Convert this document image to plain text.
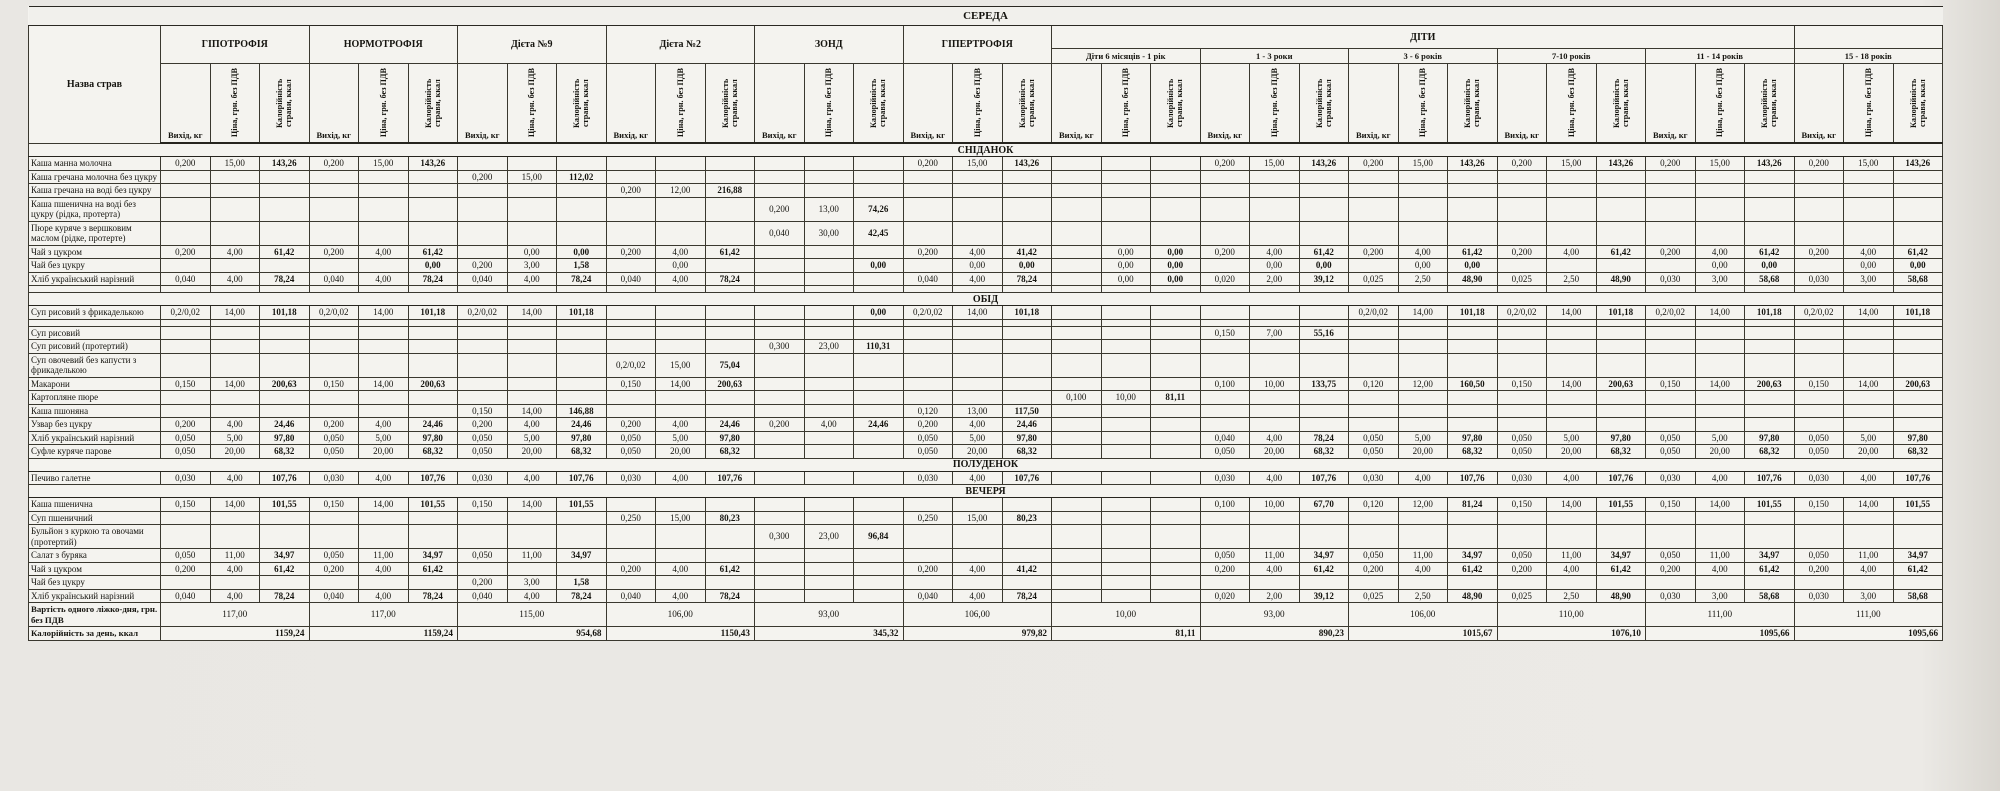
СЕРЕДА																																				
Назва страв	ГІПОТРОФІЯ			НОРМОТРОФІЯ			Дієта №9			Дієта №2			ЗОНД			ГІПЕРТРОФІЯ			ДІТИ																	
																			Діти 6 місяців - 1 рік			1 - 3 роки			3 - 6 років			7-10 років			11 - 14 років			15 - 18 років		
	Вихід, кг	Ціна, грн. без ПДВ	Калорійність страви, ккал	Вихід, кг	Ціна, грн. без ПДВ	Калорійність страви, ккал	Вихід, кг	Ціна, грн. без ПДВ	Калорійність страви, ккал	Вихід, кг	Ціна, грн. без ПДВ	Калорійність страви, ккал	Вихід, кг	Ціна, грн. без ПДВ	Калорійність страви, ккал	Вихід, кг	Ціна, грн. без ПДВ	Калорійність страви, ккал	Вихід, кг	Ціна, грн. без ПДВ	Калорійність страви, ккал	Вихід, кг	Ціна, грн. без ПДВ	Калорійність страви, ккал	Вихід, кг	Ціна, грн. без ПДВ	Калорійність страви, ккал	Вихід, кг	Ціна, грн. без ПДВ	Калорійність страви, ккал	Вихід, кг	Ціна, грн. без ПДВ	Калорійність страви, ккал	Вихід, кг	Ціна, грн. без ПДВ	Калорійність страви, ккал

СНІДАНОК																																				
Каша манна молочна	0,200	15,00	143,26	0,200	15,00	143,26										0,200	15,00	143,26				0,200	15,00	143,26	0,200	15,00	143,26	0,200	15,00	143,26	0,200	15,00	143,26	0,200	15,00	143,26
Каша гречана молочна без цукру							0,200	15,00	112,02																											
Каша гречана на воді без цукру										0,200	12,00	216,88																								
Каша пшенична на воді без цукру (рідка, протерта)													0,200	13,00	74,26																					
Пюре куряче з вершковим маслом (рідке, протерте)													0,040	30,00	42,45																					
Чай з цукром	0,200	4,00	61,42	0,200	4,00	61,42		0,00	0,00	0,200	4,00	61,42				0,200	4,00	41,42		0,00	0,00	0,200	4,00	61,42	0,200	4,00	61,42	0,200	4,00	61,42	0,200	4,00	61,42	0,200	4,00	61,42
Чай без цукру						0,00	0,200	3,00	1,58		0,00				0,00		0,00	0,00		0,00	0,00		0,00	0,00		0,00	0,00					0,00	0,00		0,00	0,00
Хліб український нарізний	0,040	4,00	78,24	0,040	4,00	78,24	0,040	4,00	78,24	0,040	4,00	78,24				0,040	4,00	78,24		0,00	0,00	0,020	2,00	39,12	0,025	2,50	48,90	0,025	2,50	48,90	0,030	3,00	58,68	0,030	3,00	58,68

ОБІД																																				
Суп рисовий з фрикаделькою	0,2/0,02	14,00	101,18	0,2/0,02	14,00	101,18	0,2/0,02	14,00	101,18						0,00	0,2/0,02	14,00	101,18							0,2/0,02	14,00	101,18	0,2/0,02	14,00	101,18	0,2/0,02	14,00	101,18	0,2/0,02	14,00	101,18

Суп рисовий																						0,150	7,00	55,16												
Суп рисовий (протертий)													0,300	23,00	110,31																					
Суп овочевий без капусти з фрикаделькою										0,2/0,02	15,00	75,04																								
Макарони	0,150	14,00	200,63	0,150	14,00	200,63				0,150	14,00	200,63										0,100	10,00	133,75	0,120	12,00	160,50	0,150	14,00	200,63	0,150	14,00	200,63	0,150	14,00	200,63
Картопляне пюре																			0,100	10,00	81,11															
Каша пшоняна							0,150	14,00	146,88							0,120	13,00	117,50																		
Узвар без цукру	0,200	4,00	24,46	0,200	4,00	24,46	0,200	4,00	24,46	0,200	4,00	24,46	0,200	4,00	24,46	0,200	4,00	24,46																		
Хліб український нарізний	0,050	5,00	97,80	0,050	5,00	97,80	0,050	5,00	97,80	0,050	5,00	97,80				0,050	5,00	97,80				0,040	4,00	78,24	0,050	5,00	97,80	0,050	5,00	97,80	0,050	5,00	97,80	0,050	5,00	97,80
Суфле куряче парове	0,050	20,00	68,32	0,050	20,00	68,32	0,050	20,00	68,32	0,050	20,00	68,32				0,050	20,00	68,32				0,050	20,00	68,32	0,050	20,00	68,32	0,050	20,00	68,32	0,050	20,00	68,32	0,050	20,00	68,32
ПОЛУДЕНОК																																				
Печиво галетне	0,030	4,00	107,76	0,030	4,00	107,76	0,030	4,00	107,76	0,030	4,00	107,76				0,030	4,00	107,76				0,030	4,00	107,76	0,030	4,00	107,76	0,030	4,00	107,76	0,030	4,00	107,76	0,030	4,00	107,76
ВЕЧЕРЯ																																				
Каша пшенична	0,150	14,00	101,55	0,150	14,00	101,55	0,150	14,00	101,55													0,100	10,00	67,70	0,120	12,00	81,24	0,150	14,00	101,55	0,150	14,00	101,55	0,150	14,00	101,55
Суп пшеничний										0,250	15,00	80,23				0,250	15,00	80,23																		
Бульйон з куркою та овочами (протертий)													0,300	23,00	96,84																					
Салат з буряка	0,050	11,00	34,97	0,050	11,00	34,97	0,050	11,00	34,97													0,050	11,00	34,97	0,050	11,00	34,97	0,050	11,00	34,97	0,050	11,00	34,97	0,050	11,00	34,97
Чай з цукром	0,200	4,00	61,42	0,200	4,00	61,42				0,200	4,00	61,42				0,200	4,00	41,42				0,200	4,00	61,42	0,200	4,00	61,42	0,200	4,00	61,42	0,200	4,00	61,42	0,200	4,00	61,42
Чай без цукру							0,200	3,00	1,58																											
Хліб український нарізний	0,040	4,00	78,24	0,040	4,00	78,24	0,040	4,00	78,24	0,040	4,00	78,24				0,040	4,00	78,24				0,020	2,00	39,12	0,025	2,50	48,90	0,025	2,50	48,90	0,030	3,00	58,68	0,030	3,00	58,68
Вартість одного ліжко-дня, грн. без ПДВ	117,00			117,00			115,00			106,00			93,00			106,00			10,00			93,00			106,00			110,00			111,00			111,00		
Калорійність за день, ккал	1159,24			1159,24			954,68			1150,43			345,32			979,82			81,11			890,23			1015,67			1076,10			1095,66			1095,66		
